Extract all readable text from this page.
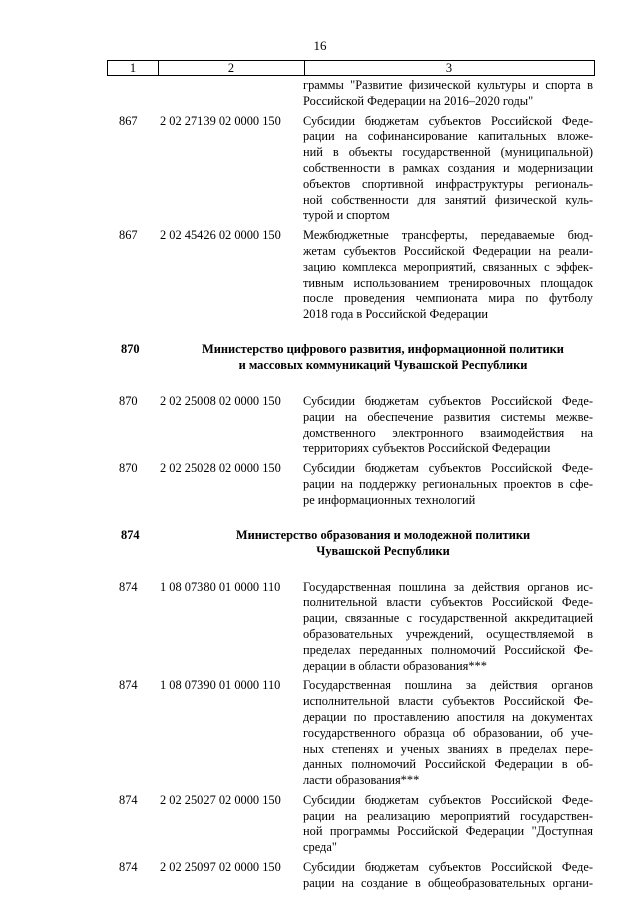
16
1	2	3
граммы "Развитие физической культуры и спорта в
Российской Федерации на 2016–2020 годы"
867 2 02 27139 02 0000 150 Субсидии бюджетам субъектов Российской Феде-
рации на софинансирование капитальных вложе-
ний в объекты государственной (муниципальной)
собственности в рамках создания и модернизации
объектов спортивной инфраструктуры региональ-
ной собственности для занятий физической куль-
турой и спортом
867 2 02 45426 02 0000 150 Межбюджетные трансферты, передаваемые бюд-
жетам субъектов Российской Федерации на реали-
зацию комплекса мероприятий, связанных с эффек-
тивным использованием тренировочных площадок
после проведения чемпионата мира по футболу
2018 года в Российской Федерации
870	Министерство цифрового развития, информационной политики
и массовых коммуникаций Чувашской Республики
870 2 02 25008 02 0000 150 Субсидии бюджетам субъектов Российской Феде-
рации на обеспечение развития системы межве-
домственного электронного взаимодействия на
территориях субъектов Российской Федерации
870 2 02 25028 02 0000 150 Субсидии бюджетам субъектов Российской Феде-
рации на поддержку региональных проектов в сфе-
ре информационных технологий
874	Министерство образования и молодежной политики
Чувашской Республики
874 1 08 07380 01 0000 110 Государственная пошлина за действия органов ис-
полнительной власти субъектов Российской Феде-
рации, связанные с государственной аккредитацией
образовательных учреждений, осуществляемой в
пределах переданных полномочий Российской Фе-
дерации в области образования***
874 1 08 07390 01 0000 110 Государственная пошлина за действия органов
исполнительной власти субъектов Российской Фе-
дерации по проставлению апостиля на документах
государственного образца об образовании, об уче-
ных степенях и ученых званиях в пределах пере-
данных полномочий Российской Федерации в об-
ласти образования***
874 2 02 25027 02 0000 150 Субсидии бюджетам субъектов Российской Феде-
рации на реализацию мероприятий государствен-
ной программы Российской Федерации "Доступная
среда"
874 2 02 25097 02 0000 150 Субсидии бюджетам субъектов Российской Феде-
рации на создание в общеобразовательных органи-
